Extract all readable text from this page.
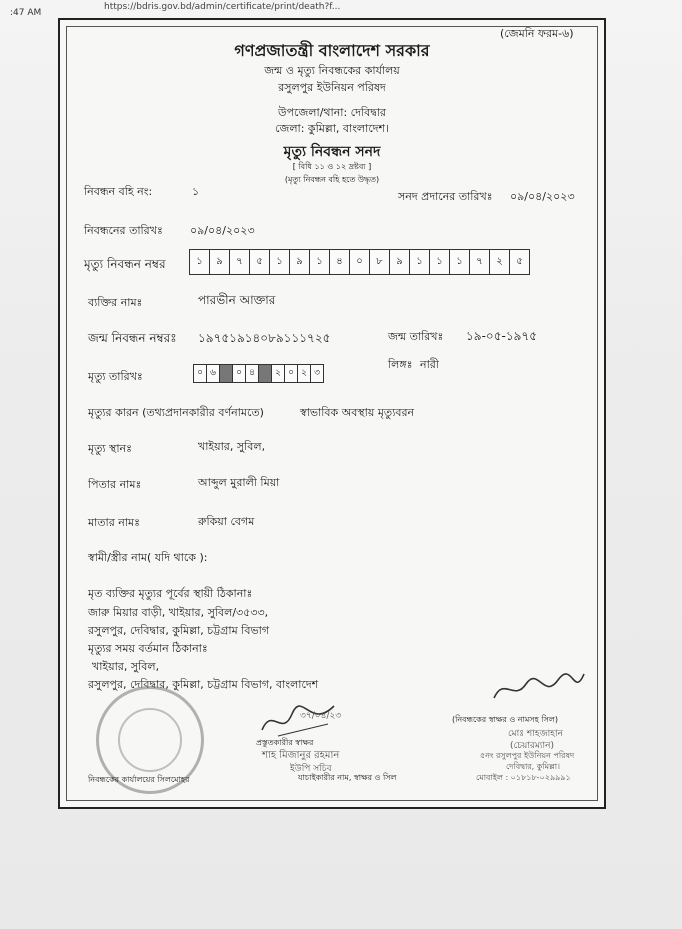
:47 AM
https://bdris.gov.bd/admin/certificate/print/death?f...
(জেমনি ফরম-৬)
গণপ্রজাতন্ত্রী বাংলাদেশ সরকার
জন্ম ও মৃত্যু নিবন্ধকের কার্যালয়
রসুলপুর ইউনিয়ন পরিষদ
উপজেলা/থানা: দেবিদ্বার
জেলা: কুমিল্লা, বাংলাদেশ।
মৃত্যু নিবন্ধন সনদ
[ বিধি ১১ ও ১২ দ্রষ্টব্য ]
(মৃত্যু নিবন্ধন বহি হতে উদ্ধৃত)
নিবন্ধন বহি নং:	১	সনদ প্রদানের তারিখঃ ০৯/০৪/২০২৩
নিবন্ধনের তারিখঃ ০৯/০৪/২০২৩
মৃত্যু নিবন্ধন নম্বর	১	৯	৭	৫	১	৯	১	৪	০	৮	৯	১	১	১	৭	২	৫
ব্যক্তির নামঃ	পারভীন আক্তার
জন্ম নিবন্ধন নম্বরঃ ১৯৭৫১৯১৪০৮৯১১১৭২৫	জন্ম তারিখঃ ১৯-০৫-১৯৭৫
লিঙ্গঃ নারী
মৃত্যু তারিখঃ	০ ৬ - ০ ৪ - ২ ০ ২ ৩
মৃত্যুর কারন (তথ্যপ্রদানকারীর বর্ণনামতে)	স্বাভাবিক অবস্থায় মৃত্যুবরন
মৃত্যু স্থানঃ	খাইয়ার, সুবিল,
পিতার নামঃ	আব্দুল মুরালী মিয়া
মাতার নামঃ	রুকিয়া বেগম
স্বামী/স্ত্রীর নাম( যদি থাকে ):
মৃত ব্যক্তির মৃত্যুর পূর্বের স্থায়ী ঠিকানাঃ
জারু মিয়ার বাড়ী, খাইয়ার, সুবিল/৩৫৩৩,
রসুলপুর, দেবিদ্বার, কুমিল্লা, চট্টগ্রাম বিভাগ
মৃত্যুর সময় বর্তমান ঠিকানাঃ
খাইয়ার, সুবিল,
রসুলপুর, দেবিদ্বার, কুমিল্লা, চট্টগ্রাম বিভাগ, বাংলাদেশ
৩৭/০৪/২৩
প্রস্তুতকারীর স্বাক্ষর
শাহ মিজানুর রহমান
ইউপি সচিব
নিবন্ধকের কার্যালয়ের সিলমোহর	যাচাইকারীর নাম, স্বাক্ষর ও সিল
(নিবন্ধকের স্বাক্ষর ও নামসহ সিল)
মোঃ শাহজাহান
(চেয়ারম্যান)
৫নং রসুলপুর ইউনিয়ন পরিষদ
দেবিদ্বার, কুমিল্লা।
মোবাইল : ০১৮১৮-০২৯৯৯১
